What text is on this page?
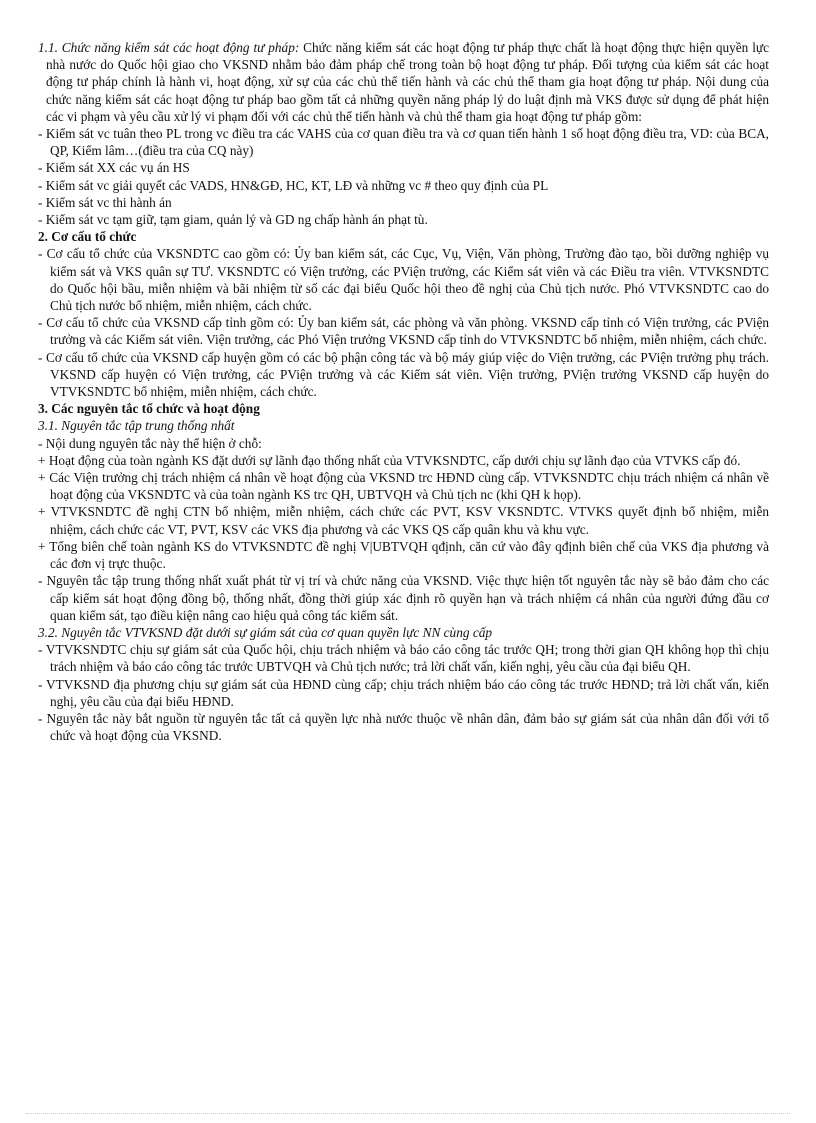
1.1. Chức năng kiểm sát các hoạt động tư pháp: Chức năng kiểm sát các hoạt động tư pháp thực chất là hoạt động thực hiện quyền lực nhà nước do Quốc hội giao cho VKSND nhằm bảo đảm pháp chế trong toàn bộ hoạt động tư pháp. Đối tượng của kiểm sát các hoạt động tư pháp chính là hành vi, hoạt động, xử sự của các chủ thể tiến hành và các chủ thể tham gia hoạt động tư pháp. Nội dung của chức năng kiểm sát các hoạt động tư pháp bao gồm tất cả những quyền năng pháp lý do luật định mà VKS được sử dụng để phát hiện các vi phạm và yêu cầu xử lý vi phạm đối với các chủ thể tiến hành và chủ thể tham gia hoạt động tư pháp gồm:

- Kiểm sát vc tuân theo PL trong vc điều tra các VAHS của cơ quan điều tra và cơ quan tiến hành 1 số hoạt động điều tra, VD: của BCA, QP, Kiểm lâm…(điều tra của CQ này)

- Kiểm sát XX các vụ án HS

- Kiểm sát vc giải quyết các VADS, HN&GĐ, HC, KT, LĐ và những vc # theo quy định của PL

- Kiểm sát vc thi hành án

- Kiểm sát vc tạm giữ, tạm giam, quản lý và GD ng chấp hành án phạt tù.

2. Cơ cấu tổ chức

- Cơ cấu tổ chức của VKSNDTC cao gồm có: Ủy ban kiểm sát, các Cục, Vụ, Viện, Văn phòng, Trường đào tạo, bồi dưỡng nghiệp vụ kiểm sát và VKS quân sự TƯ. VKSNDTC có Viện trưởng, các PViện trưởng, các Kiểm sát viên và các Điều tra viên. VTVKSNDTC do Quốc hội bầu, miễn nhiệm và bãi nhiệm từ số các đại biểu Quốc hội theo đề nghị của Chủ tịch nước. Phó VTVKSNDTC cao do Chủ tịch nước bổ nhiệm, miễn nhiệm, cách chức.

- Cơ cấu tổ chức của VKSND cấp tỉnh gồm có: Ủy ban kiểm sát, các phòng và văn phòng. VKSND cấp tỉnh có Viện trưởng, các PViện trưởng và các Kiểm sát viên. Viện trưởng, các Phó Viện trưởng VKSND cấp tỉnh do VTVKSNDTC bổ nhiệm, miễn nhiệm, cách chức.

- Cơ cấu tổ chức của VKSND cấp huyện gồm có các bộ phận công tác và bộ máy giúp việc do Viện trưởng, các PViện trưởng phụ trách. VKSND cấp huyện có Viện trưởng, các PViện trưởng và các Kiểm sát viên. Viện trưởng, PViện trưởng VKSND cấp huyện do VTVKSNDTC bổ nhiệm, miễn nhiệm, cách chức.

3. Các nguyên tắc tổ chức và hoạt động

3.1. Nguyên tắc tập trung thống nhất

- Nội dung nguyên tắc này thể hiện ở chỗ:

+ Hoạt động của toàn ngành KS đặt dưới sự lãnh đạo thống nhất của VTVKSNDTC, cấp dưới chịu sự lãnh đạo của VTVKS cấp đó.

+ Các Viện trưởng chị trách nhiệm cá nhân về hoạt động của VKSND trc HĐND cùng cấp. VTVKSNDTC chịu trách nhiệm cá nhân về hoạt động của VKSNDTC và của toàn ngành KS trc QH, UBTVQH và Chủ tịch nc (khi QH k họp).

+ VTVKSNDTC đề nghị CTN bổ nhiệm, miễn nhiệm, cách chức các PVT, KSV VKSNDTC. VTVKS quyết định bổ nhiệm, miễn nhiệm, cách chức các VT, PVT, KSV các VKS địa phương và các VKS QS cấp quân khu và khu vực.

+ Tổng biên chế toàn ngành KS do VTVKSNDTC đề nghị V|UBTVQH qđịnh, căn cứ vào đây qđịnh biên chế của VKS địa phương và các đơn vị trực thuộc.

- Nguyên tắc tập trung thống nhất xuất phát từ vị trí và chức năng của VKSND. Việc thực hiện tốt nguyên tắc này sẽ bảo đảm cho các cấp kiểm sát hoạt động đồng bộ, thống nhất, đồng thời giúp xác định rõ quyền hạn và trách nhiệm cá nhân của người đứng đầu cơ quan kiểm sát, tạo điều kiện nâng cao hiệu quả công tác kiểm sát.

3.2. Nguyên tắc VTVKSND đặt dưới sự giám sát của cơ quan quyền lực NN cùng cấp

- VTVKSNDTC chịu sự giám sát của Quốc hội, chịu trách nhiệm và báo cáo công tác trước QH; trong thời gian QH không họp thì chịu trách nhiệm và báo cáo công tác trước UBTVQH và Chủ tịch nước; trả lời chất vấn, kiến nghị, yêu cầu của đại biểu QH.

- VTVKSND địa phương chịu sự giám sát của HĐND cùng cấp; chịu trách nhiệm báo cáo công tác trước HĐND; trả lời chất vấn, kiến nghị, yêu cầu của đại biểu HĐND.

- Nguyên tắc này bắt nguồn từ nguyên tắc tất cả quyền lực nhà nước thuộc về nhân dân, đảm bảo sự giám sát của nhân dân đối với tổ chức và hoạt động của VKSND.
